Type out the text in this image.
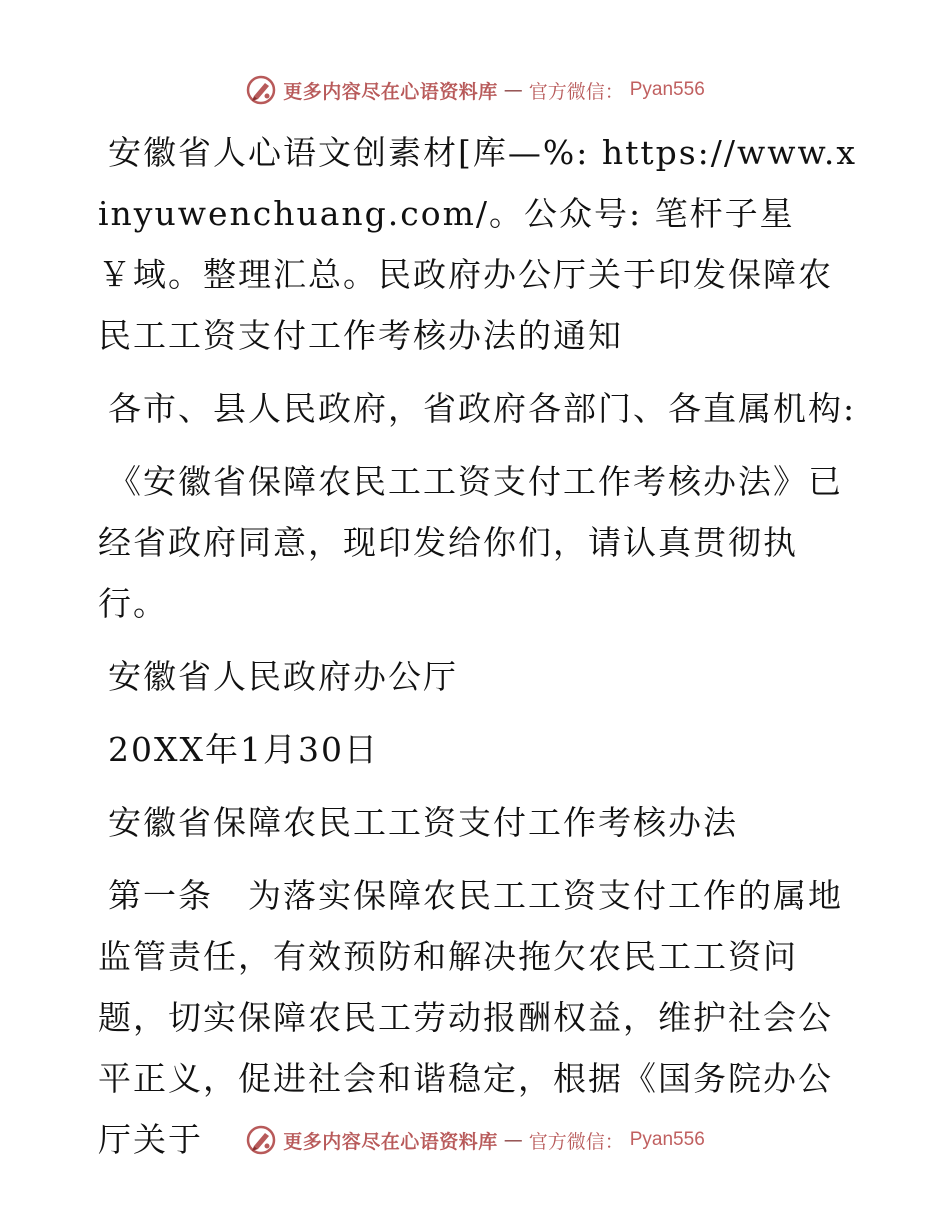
更多内容尽在心语资料库 — 官方微信： Pyan556

安徽省人心语文创素材[库—%: https://www.xinyuwenchuang.com/。公众号: 笔杆子星￥域。整理汇总。民政府办公厅关于印发保障农民工工资支付工作考核办法的通知

各市、县人民政府，省政府各部门、各直属机构:

《安徽省保障农民工工资支付工作考核办法》已经省政府同意，现印发给你们，请认真贯彻执行。

安徽省人民政府办公厅

20XX年1月30日

安徽省保障农民工工资支付工作考核办法

第一条　为落实保障农民工工资支付工作的属地监管责任，有效预防和解决拖欠农民工工资问题，切实保障农民工劳动报酬权益，维护社会公平正义，促进社会和谐稳定，根据《国务院办公厅关于	更多内容尽在心语资料库 — 官方微信： Pyan556
